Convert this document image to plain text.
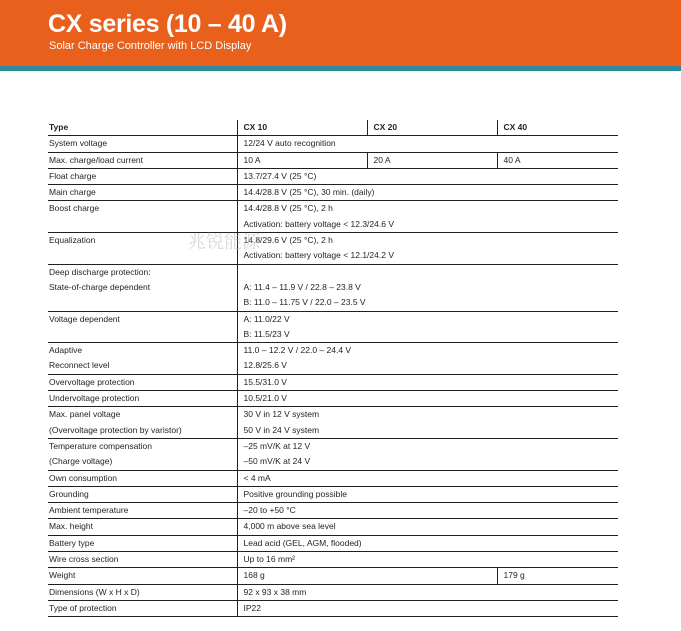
CX series (10 – 40 A)
Solar Charge Controller with LCD Display
Type	CX 10	CX 20	CX 40
System voltage	12/24 V auto recognition		
Max. charge/load current	10 A	20 A	40 A
Float charge	13.7/27.4 V (25 °C)		
Main charge	14.4/28.8 V (25 °C), 30 min. (daily)		
Boost charge	14.4/28.8 V (25 °C), 2 h		
	Activation: battery voltage < 12.3/24.6 V		
Equalization	14.8/29.6 V (25 °C), 2 h		
	Activation: battery voltage < 12.1/24.2 V		
Deep discharge protection:			
State-of-charge dependent	A: 11.4 – 11.9 V / 22.8 – 23.8 V		
	B: 11.0 – 11.75 V / 22.0 – 23.5 V		
Voltage dependent	A: 11.0/22 V		
	B: 11.5/23 V		
Adaptive	11.0 – 12.2 V / 22.0 – 24.4 V		
Reconnect level	12.8/25.6 V		
Overvoltage protection	15.5/31.0 V		
Undervoltage protection	10.5/21.0 V		
Max. panel voltage	30 V in 12 V system		
(Overvoltage protection by varistor)	50 V in 24 V system		
Temperature compensation	–25 mV/K at 12 V		
(Charge voltage)	–50 mV/K at 24 V		
Own consumption	< 4 mA		
Grounding	Positive grounding possible		
Ambient temperature	–20 to +50 °C		
Max. height	4,000 m above sea level		
Battery type	Lead acid (GEL, AGM, flooded)		
Wire cross section	Up to 16 mm²		
Weight	168 g		179 g
Dimensions (W x H x D)	92 x 93 x 38 mm		
Type of protection	IP22		
兆锐能源
